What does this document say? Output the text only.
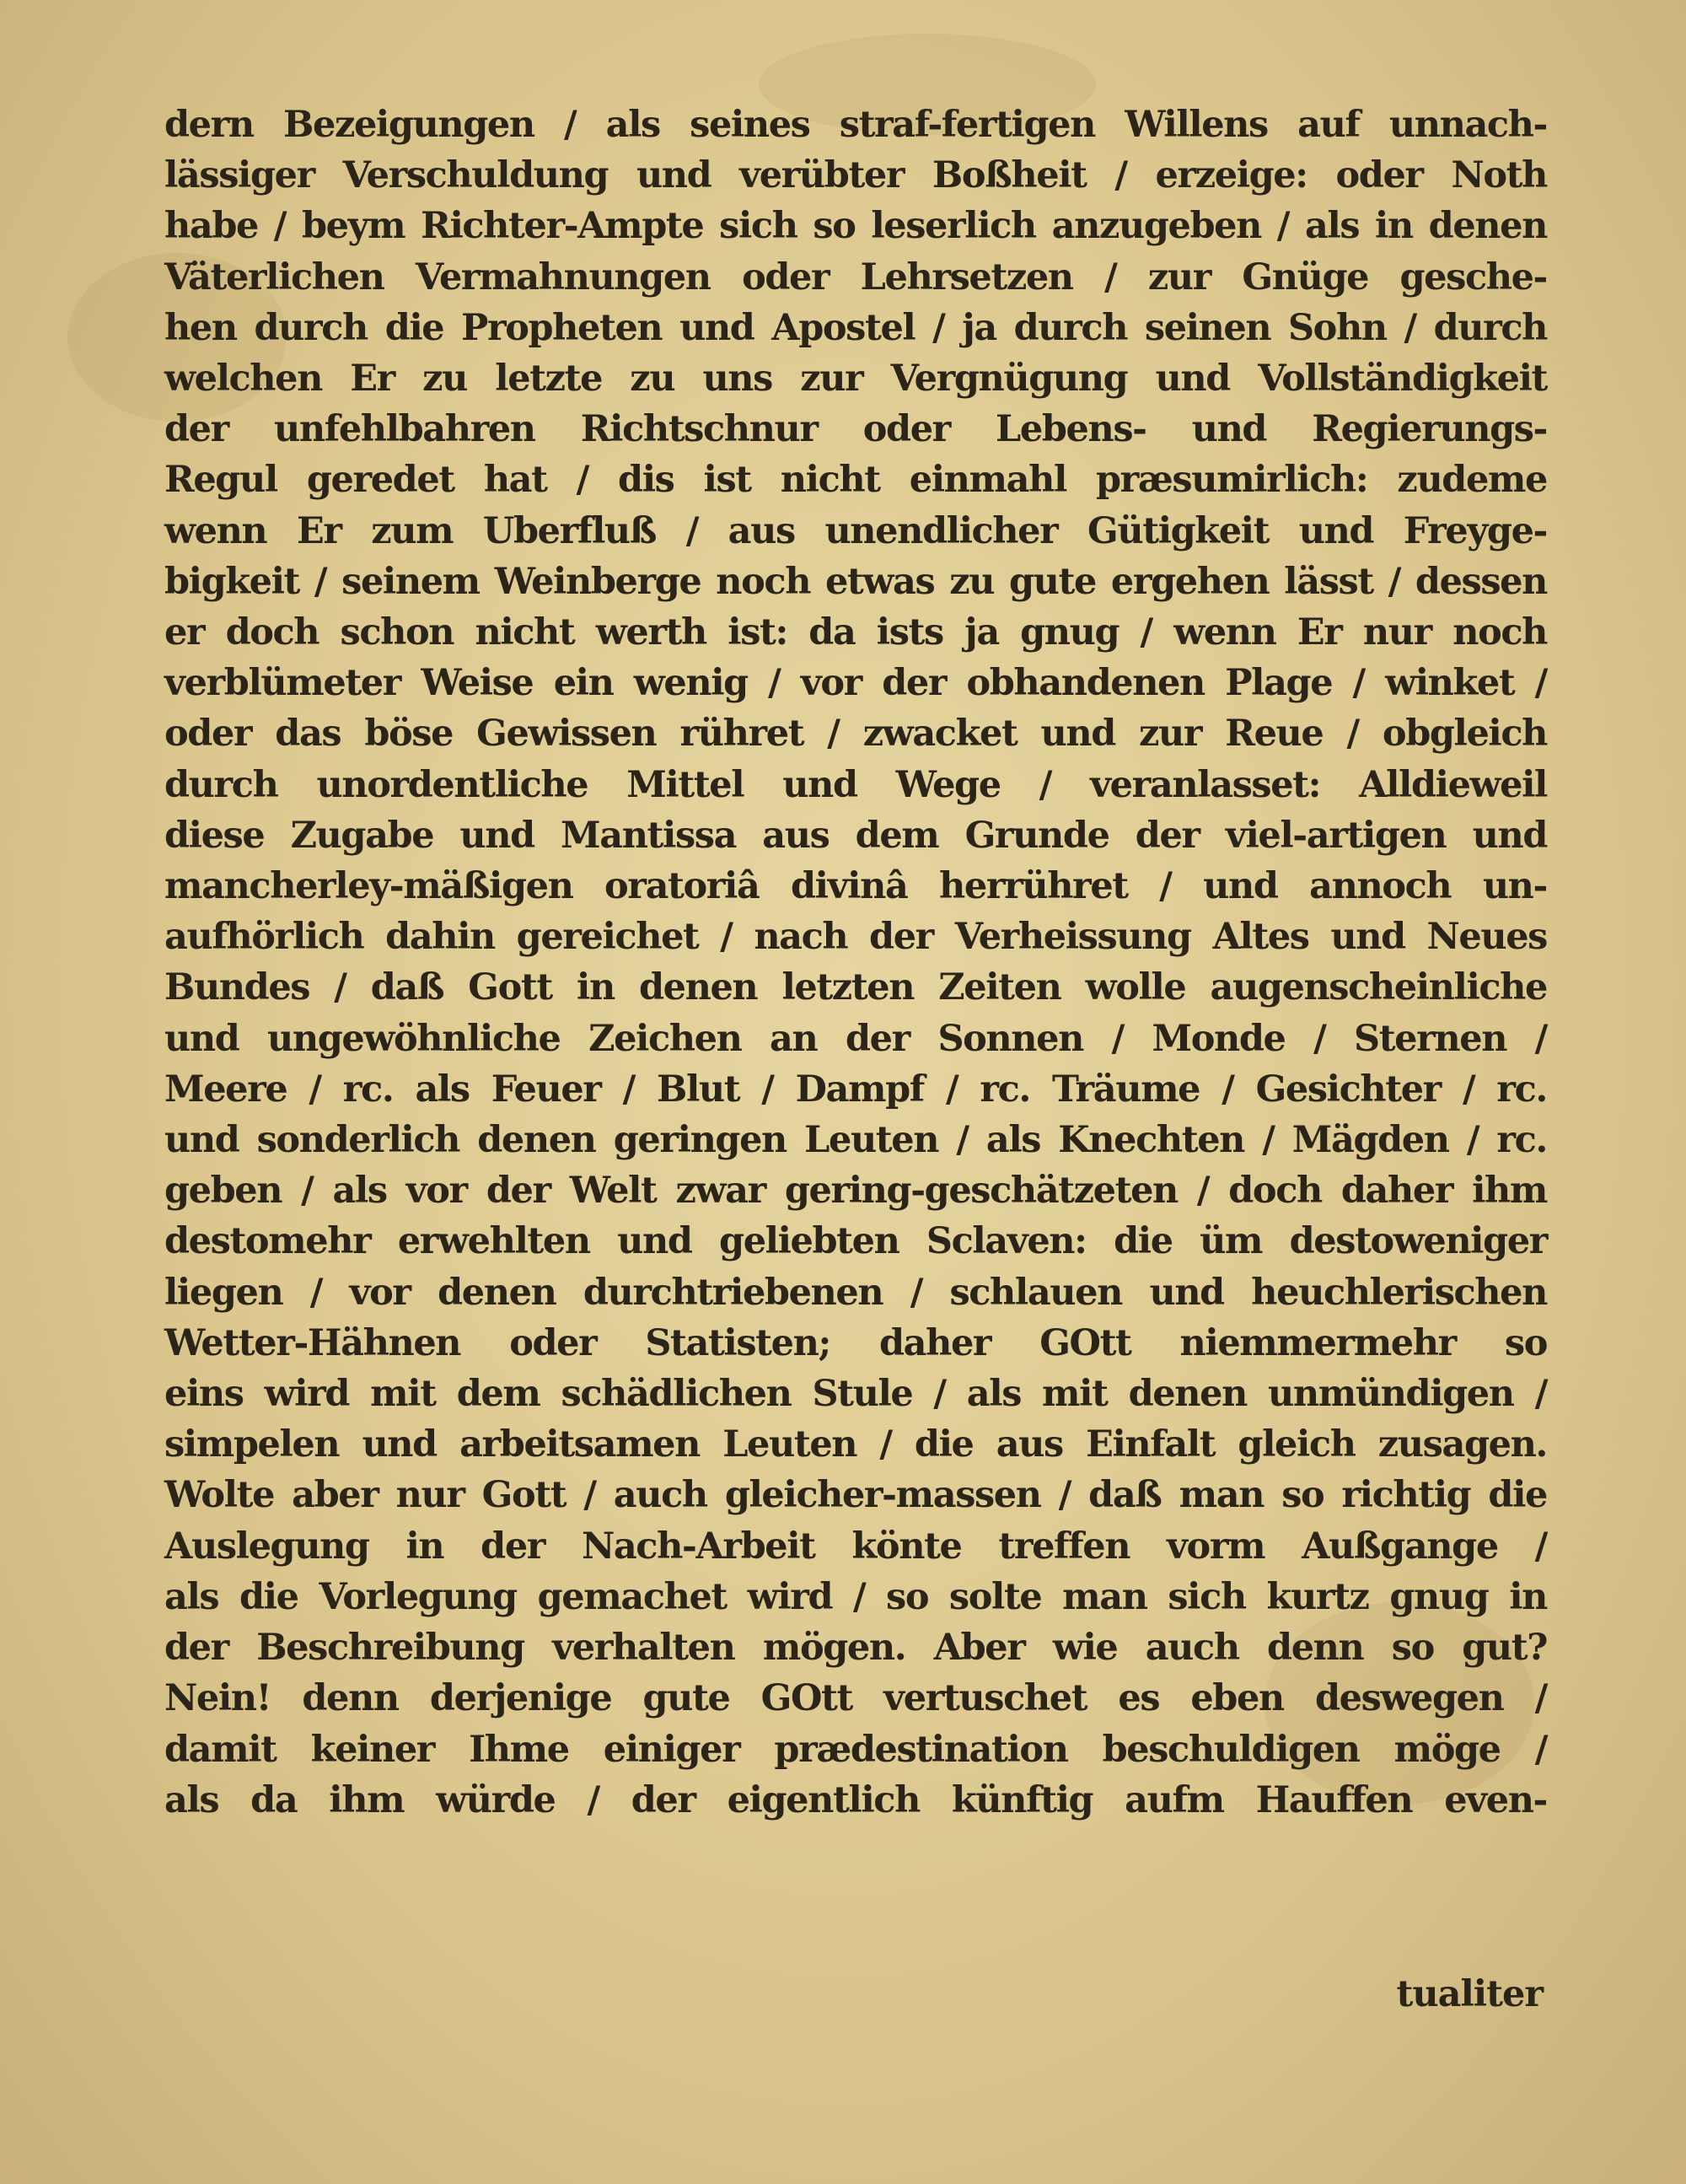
dern Bezeigungen / als seines straf-fertigen Willens auf unnach-
lässiger Verschuldung und verübter Boßheit / erzeige: oder Noth
habe / beym Richter-Ampte sich so leserlich anzugeben / als in denen
Väterlichen Vermahnungen oder Lehrsetzen / zur Gnüge gesche-
hen durch die Propheten und Apostel / ja durch seinen Sohn / durch
welchen Er zu letzte zu uns zur Vergnügung und Vollständigkeit
der unfehlbahren Richtschnur oder Lebens- und Regierungs-
Regul geredet hat / dis ist nicht einmahl præsumirlich: zudeme
wenn Er zum Uberfluß / aus unendlicher Gütigkeit und Freyge-
bigkeit / seinem Weinberge noch etwas zu gute ergehen lässt / dessen
er doch schon nicht werth ist: da ists ja gnug / wenn Er nur noch
verblümeter Weise ein wenig / vor der obhandenen Plage / winket /
oder das böse Gewissen rühret / zwacket und zur Reue / obgleich
durch unordentliche Mittel und Wege / veranlasset: Alldieweil
diese Zugabe und Mantissa aus dem Grunde der viel-artigen und
mancherley-mäßigen oratoriâ divinâ herrühret / und annoch un-
aufhörlich dahin gereichet / nach der Verheissung Altes und Neues
Bundes / daß Gott in denen letzten Zeiten wolle augenscheinliche
und ungewöhnliche Zeichen an der Sonnen / Monde / Sternen /
Meere / rc. als Feuer / Blut / Dampf / rc. Träume / Gesichter / rc.
und sonderlich denen geringen Leuten / als Knechten / Mägden / rc.
geben / als vor der Welt zwar gering-geschätzeten / doch daher ihm
destomehr erwehlten und geliebten Sclaven: die üm destoweniger
liegen / vor denen durchtriebenen / schlauen und heuchlerischen
Wetter-Hähnen oder Statisten; daher GOtt niemmermehr so
eins wird mit dem schädlichen Stule / als mit denen unmündigen /
simpelen und arbeitsamen Leuten / die aus Einfalt gleich zusagen.
Wolte aber nur Gott / auch gleicher-massen / daß man so richtig die
Auslegung in der Nach-Arbeit könte treffen vorm Außgange /
als die Vorlegung gemachet wird / so solte man sich kurtz gnug in
der Beschreibung verhalten mögen. Aber wie auch denn so gut?
Nein! denn derjenige gute GOtt vertuschet es eben deswegen /
damit keiner Ihme einiger prædestination beschuldigen möge /
als da ihm würde / der eigentlich künftig aufm Hauffen even-
tualiter
